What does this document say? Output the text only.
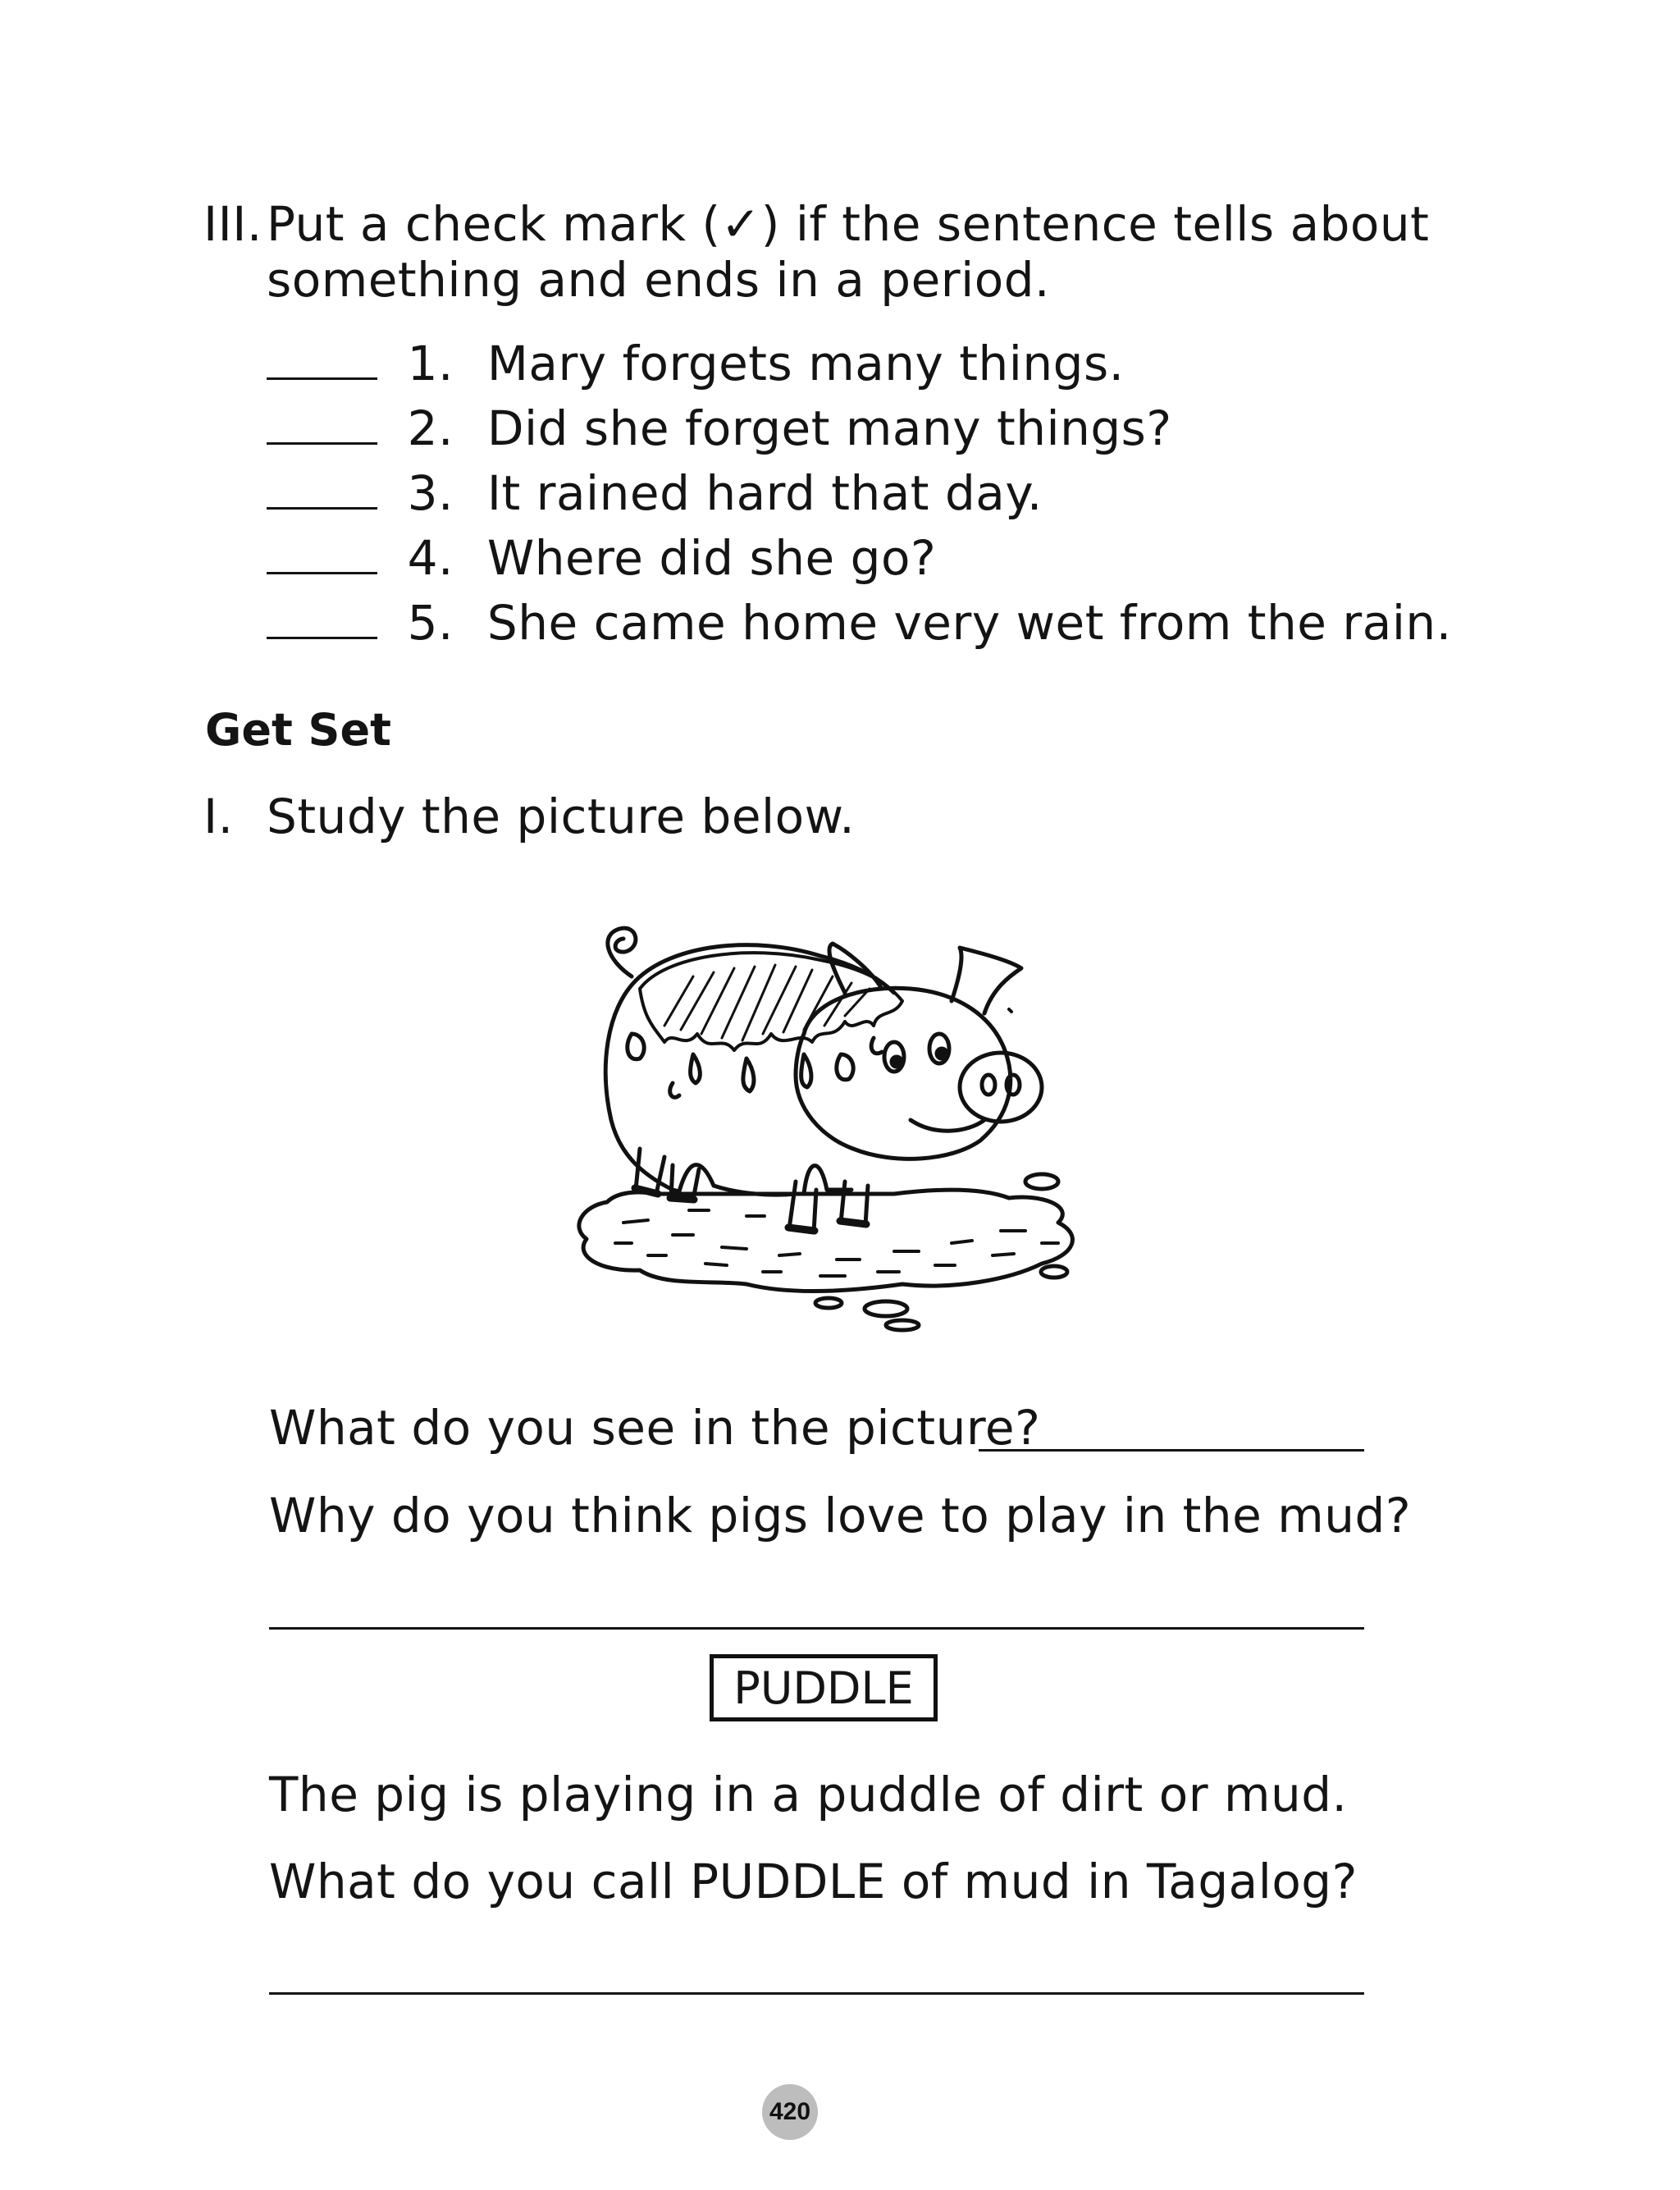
III. Put a check mark (✓) if the sentence tells about
something and ends in a period.
1. Mary forgets many things.
2. Did she forget many things?
3. It rained hard that day.
4. Where did she go?
5. She came home very wet from the rain.
Get Set
I. Study the picture below.
What do you see in the picture?
Why do you think pigs love to play in the mud?
PUDDLE
The pig is playing in a puddle of dirt or mud.
What do you call PUDDLE of mud in Tagalog?
420
